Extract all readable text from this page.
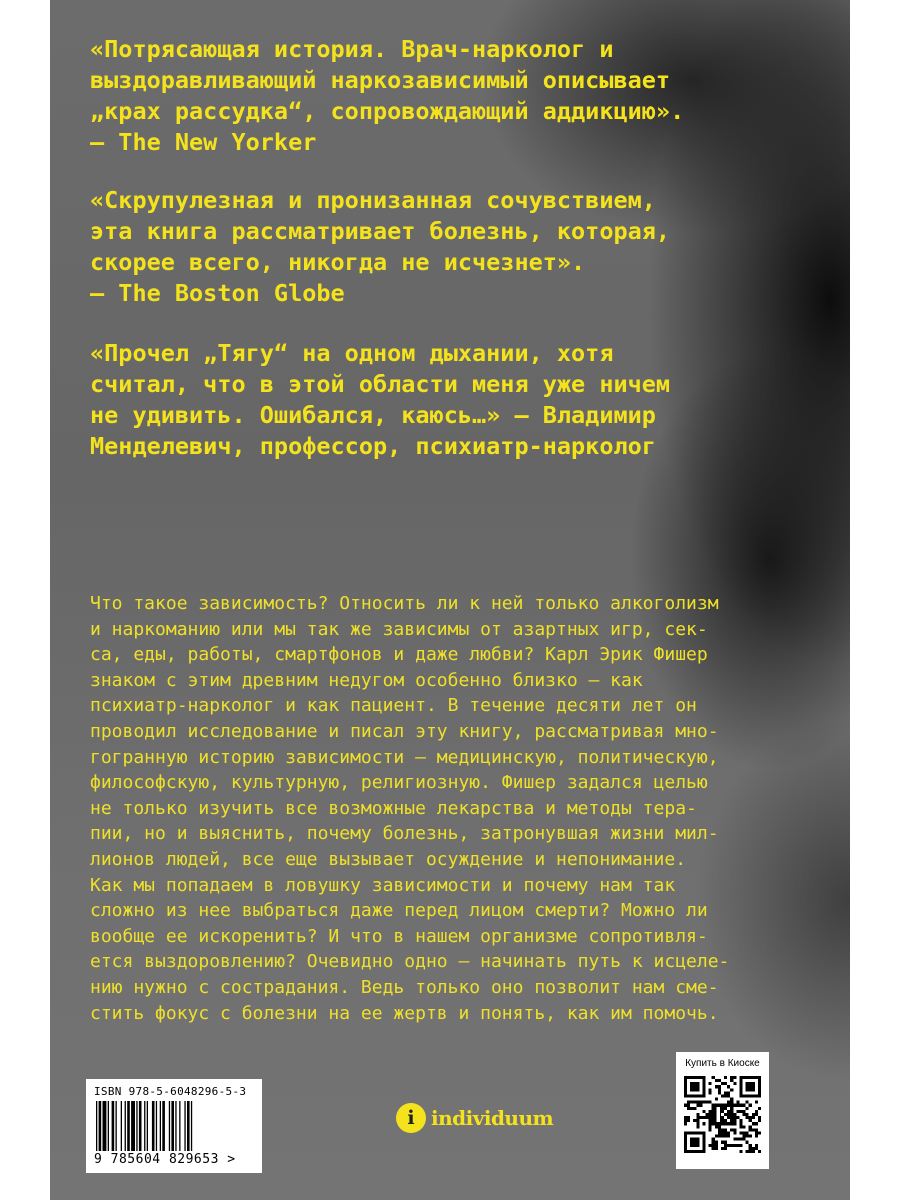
«Потрясающая история. Врач-нарколог и
выздоравливающий наркозависимый описывает
„крах рассудка“, сопровождающий аддикцию».
– The New Yorker

«Скрупулезная и пронизанная сочувствием,
эта книга рассматривает болезнь, которая,
скорее всего, никогда не исчезнет».
– The Boston Globe

«Прочел „Тягу“ на одном дыхании, хотя
считал, что в этой области меня уже ничем
не удивить. Ошибался, каюсь…» – Владимир
Менделевич, профессор, психиатр-нарколог

Что такое зависимость? Относить ли к ней только алкоголизм
и наркоманию или мы так же зависимы от азартных игр, сек-
са, еды, работы, смартфонов и даже любви? Карл Эрик Фишер
знаком с этим древним недугом особенно близко – как
психиатр-нарколог и как пациент. В течение десяти лет он
проводил исследование и писал эту книгу, рассматривая мно-
гогранную историю зависимости – медицинскую, политическую,
философскую, культурную, религиозную. Фишер задался целью
не только изучить все возможные лекарства и методы тера-
пии, но и выяснить, почему болезнь, затронувшая жизни мил-
лионов людей, все еще вызывает осуждение и непонимание.
Как мы попадаем в ловушку зависимости и почему нам так
сложно из нее выбраться даже перед лицом смерти? Можно ли
вообще ее искоренить? И что в нашем организме сопротивля-
ется выздоровлению? Очевидно одно – начинать путь к исцеле-
нию нужно с сострадания. Ведь только оно позволит нам сме-
стить фокус с болезни на ее жертв и понять, как им помочь.

ISBN 978-5-6048296-5-3
9 785604 829653 >
i individuum
Купить в Киоске
